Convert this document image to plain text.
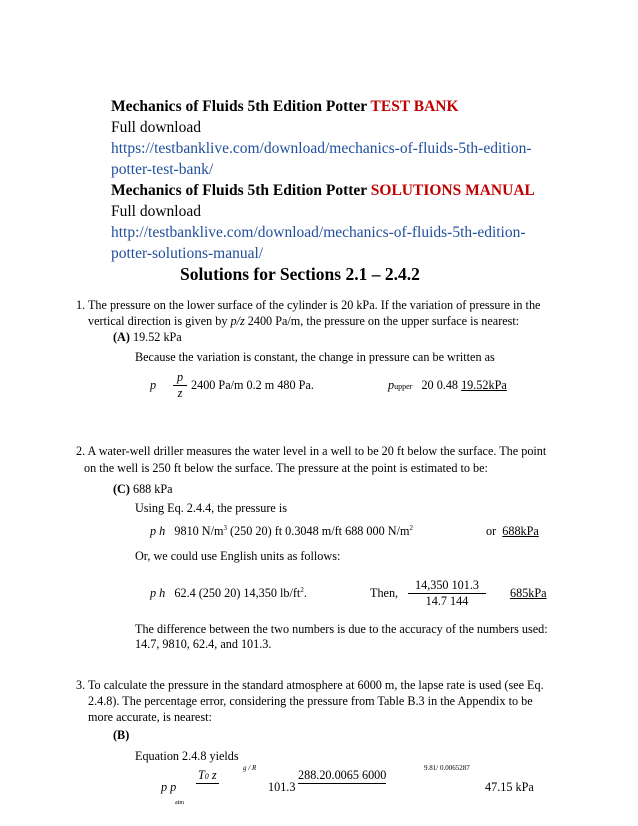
Mechanics of Fluids 5th Edition Potter TEST BANK
Full download
https://testbanklive.com/download/mechanics-of-fluids-5th-edition-
potter-test-bank/
Mechanics of Fluids 5th Edition Potter SOLUTIONS MANUAL
Full download
http://testbanklive.com/download/mechanics-of-fluids-5th-edition-
potter-solutions-manual/
Solutions for Sections 2.1 – 2.4.2
1. The pressure on the lower surface of the cylinder is 20 kPa. If the variation of pressure in the
vertical direction is given by p/z 2400 Pa/m, the pressure on the upper surface is nearest:
(A) 19.52 kPa
Because the variation is constant, the change in pressure can be written as
p $\frac{p}{z} 2400$ Pa/m 0.2 m 480 Pa.	pupper 20 0.48 19.52kPa
2. A water-well driller measures the water level in a well to be 20 ft below the surface. The point
on the well is 250 ft below the surface. The pressure at the point is estimated to be:
(C) 688 kPa
Using Eq. 2.4.4, the pressure is
p h 9810 $N/m^3$ (250 20) ft 0.3048 m/ft 688 000 $N/m^2$	or 688kPa
Or, we could use English units as follows:
p h 62.4 (250 20) 14,350 $lb/ft^2$.	Then, $\frac{14,350 101.3}{14.7 144} 685kPa$
The difference between the two numbers is due to the accuracy of the numbers used:
14.7, 9810, 62.4, and 101.3.
3. To calculate the pressure in the standard atmosphere at 6000 m, the lapse rate is used (see Eq.
2.4.8). The percentage error, considering the pressure from Table B.3 in the Appendix to be
more accurate, is nearest:
(B)
Equation 2.4.8 yields
g / R	9.81/ 0.0065287
p p
atm
T0 z
101.3
288.20.0065 6000
47.15 kPa
